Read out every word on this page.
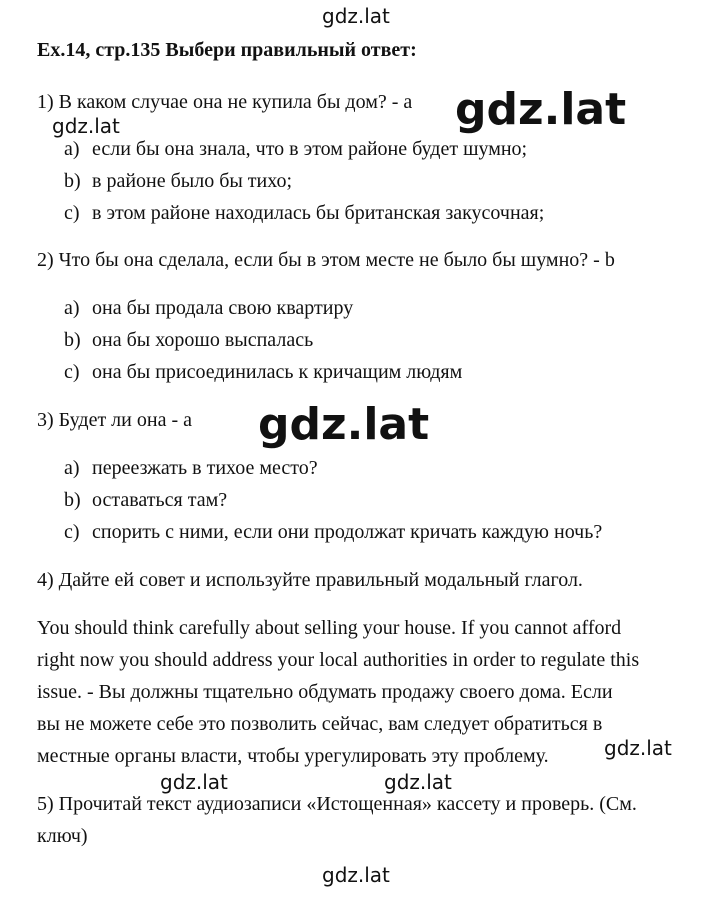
gdz.lat
gdz.lat
gdz.lat
gdz.lat
gdz.lat
gdz.lat	gdz.lat
gdz.lat
Ex.14, стр.135 Выбери правильный ответ:
1) В каком случае она не купила бы дом? - a
a) если бы она знала, что в этом районе будет шумно;
b) в районе было бы тихо;
c) в этом районе находилась бы британская закусочная;
2) Что бы она сделала, если бы в этом месте не было бы шумно? - b
a) она бы продала свою квартиру
b) она бы хорошо выспалась
c) она бы присоединилась к кричащим людям
3) Будет ли она - a
a) переезжать в тихое место?
b) оставаться там?
c) спорить с ними, если они продолжат кричать каждую ночь?
4) Дайте ей совет и используйте правильный модальный глагол.
You should think carefully about selling your house. If you cannot afford
right now you should address your local authorities in order to regulate this
issue. - Вы должны тщательно обдумать продажу своего дома. Если
вы не можете себе это позволить сейчас, вам следует обратиться в
местные органы власти, чтобы урегулировать эту проблему.
5) Прочитай текст аудиозаписи «Истощенная» кассету и проверь. (См.
ключ)
